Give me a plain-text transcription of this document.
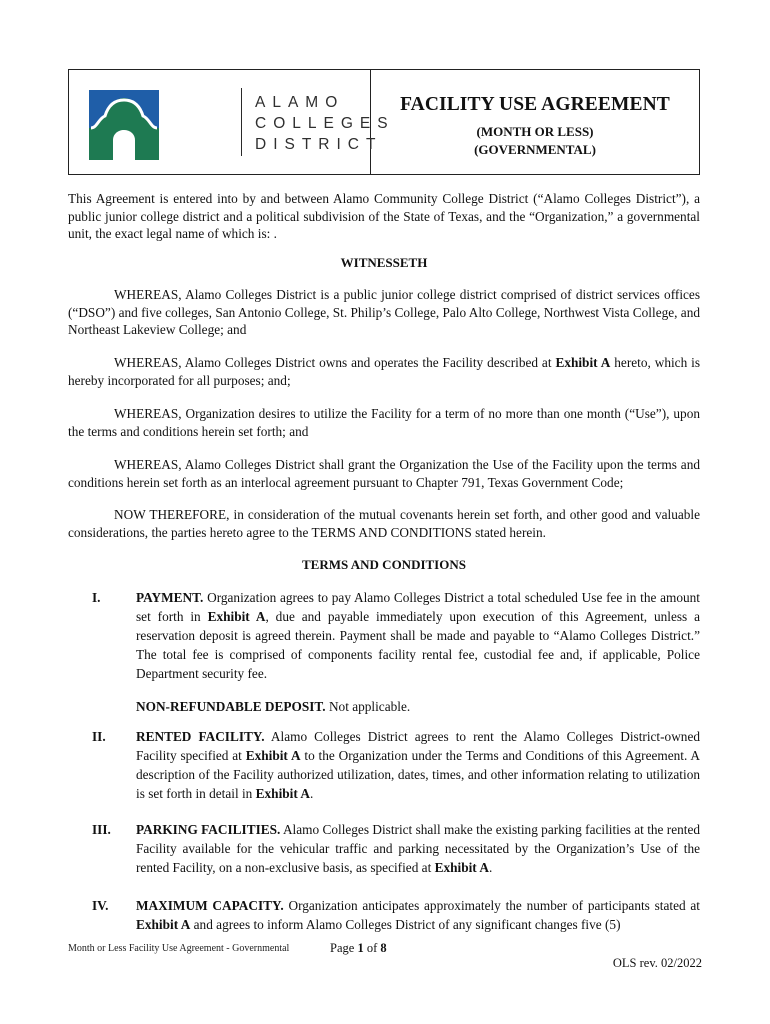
ALAMO
COLLEGES
DISTRICT
FACILITY USE AGREEMENT
(MONTH OR LESS)
(GOVERNMENTAL)
This Agreement is entered into by and between Alamo Community College District (“Alamo Colleges District”), a public junior college district and a political subdivision of the State of Texas, and the “Organization,” a governmental unit, the exact legal name of which is: .
WITNESSETH
WHEREAS, Alamo Colleges District is a public junior college district comprised of district services offices (“DSO”) and five colleges, San Antonio College, St. Philip’s College, Palo Alto College, Northwest Vista College, and Northeast Lakeview College; and
WHEREAS, Alamo Colleges District owns and operates the Facility described at Exhibit A hereto, which is hereby incorporated for all purposes; and;
WHEREAS, Organization desires to utilize the Facility for a term of no more than one month (“Use”), upon the terms and conditions herein set forth; and
WHEREAS, Alamo Colleges District shall grant the Organization the Use of the Facility upon the terms and conditions herein set forth as an interlocal agreement pursuant to Chapter 791, Texas Government Code;
NOW THEREFORE, in consideration of the mutual covenants herein set forth, and other good and valuable considerations, the parties hereto agree to the TERMS AND CONDITIONS stated herein.
TERMS AND CONDITIONS
I.	PAYMENT. Organization agrees to pay Alamo Colleges District a total scheduled Use fee in the amount set forth in Exhibit A, due and payable immediately upon execution of this Agreement, unless a reservation deposit is agreed therein. Payment shall be made and payable to “Alamo Colleges District.” The total fee is comprised of components facility rental fee, custodial fee and, if applicable, Police Department security fee.
NON-REFUNDABLE DEPOSIT. Not applicable.
II. RENTED FACILITY. Alamo Colleges District agrees to rent the Alamo Colleges District-owned Facility specified at Exhibit A to the Organization under the Terms and Conditions of this Agreement. A description of the Facility authorized utilization, dates, times, and other information relating to utilization is set forth in detail in Exhibit A.
III. PARKING FACILITIES. Alamo Colleges District shall make the existing parking facilities at the rented Facility available for the vehicular traffic and parking necessitated by the Organization’s Use of the rented Facility, on a non-exclusive basis, as specified at Exhibit A.
IV. MAXIMUM CAPACITY. Organization anticipates approximately the number of participants stated at Exhibit A and agrees to inform Alamo Colleges District of any significant changes five (5)
Month or Less Facility Use Agreement - Governmental	Page 1 of 8
OLS rev. 02/2022
